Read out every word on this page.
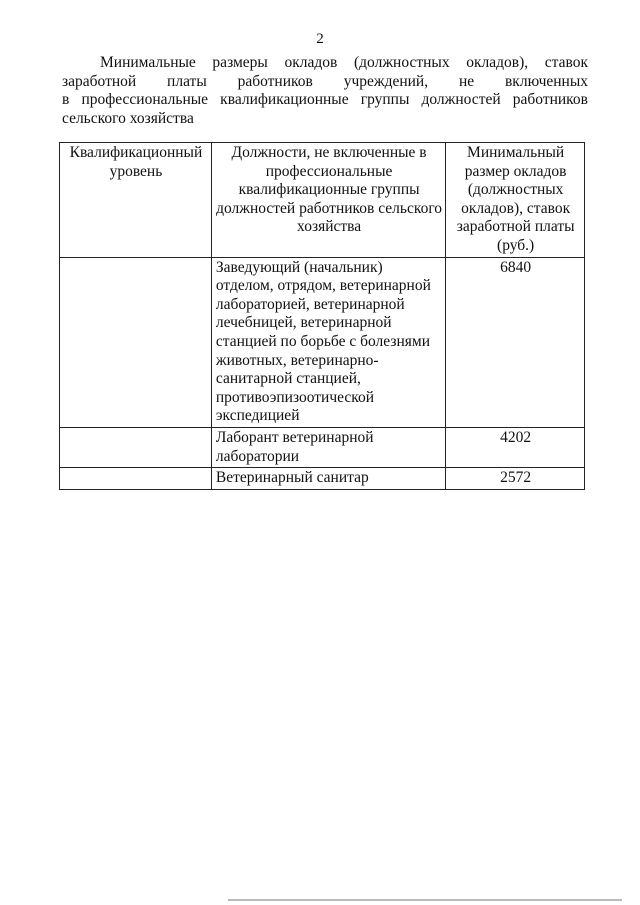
2
Минимальные размеры окладов (должностных окладов), ставок
заработной платы работников учреждений, не включенных
в профессиональные квалификационные группы должностей работников
сельского хозяйства
Квалификационный уровень	Должности, не включенные в профессиональные квалификационные группы должностей работников сельского хозяйства	Минимальный размер окладов (должностных окладов), ставок заработной платы (руб.)
	Заведующий (начальник) отделом, отрядом, ветеринарной лабораторией, ветеринарной лечебницей, ветеринарной станцией по борьбе с болезнями животных, ветеринарно-санитарной станцией, противоэпизоотической экспедицией	6840
	Лаборант ветеринарной лаборатории	4202
	Ветеринарный санитар	2572
